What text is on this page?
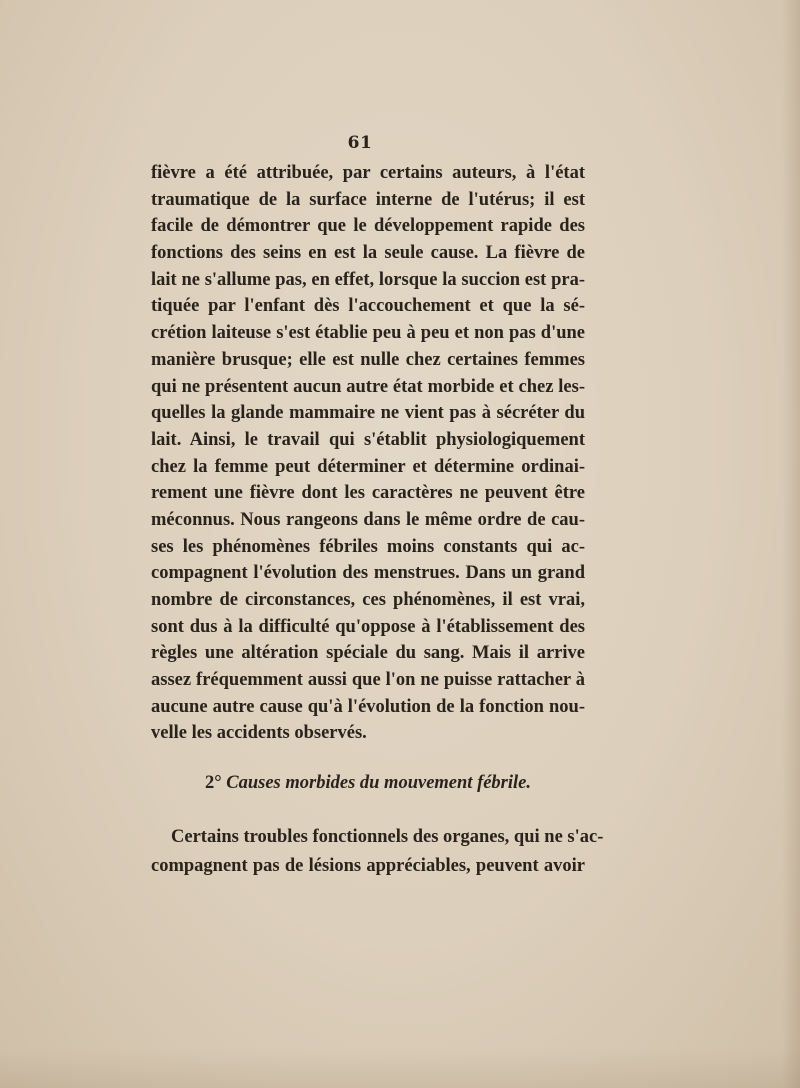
61
fièvre a été attribuée, par certains auteurs, à l'état
traumatique de la surface interne de l'utérus; il est
facile de démontrer que le développement rapide des
fonctions des seins en est la seule cause. La fièvre de
lait ne s'allume pas, en effet, lorsque la succion est pra-
tiquée par l'enfant dès l'accouchement et que la sé-
crétion laiteuse s'est établie peu à peu et non pas d'une
manière brusque; elle est nulle chez certaines femmes
qui ne présentent aucun autre état morbide et chez les-
quelles la glande mammaire ne vient pas à sécréter du
lait. Ainsi, le travail qui s'établit physiologiquement
chez la femme peut déterminer et détermine ordinai-
rement une fièvre dont les caractères ne peuvent être
méconnus. Nous rangeons dans le même ordre de cau-
ses les phénomènes fébriles moins constants qui ac-
compagnent l'évolution des menstrues. Dans un grand
nombre de circonstances, ces phénomènes, il est vrai,
sont dus à la difficulté qu'oppose à l'établissement des
règles une altération spéciale du sang. Mais il arrive
assez fréquemment aussi que l'on ne puisse rattacher à
aucune autre cause qu'à l'évolution de la fonction nou-
velle les accidents observés.
2° Causes morbides du mouvement fébrile.
Certains troubles fonctionnels des organes, qui ne s'ac-
compagnent pas de lésions appréciables, peuvent avoir
